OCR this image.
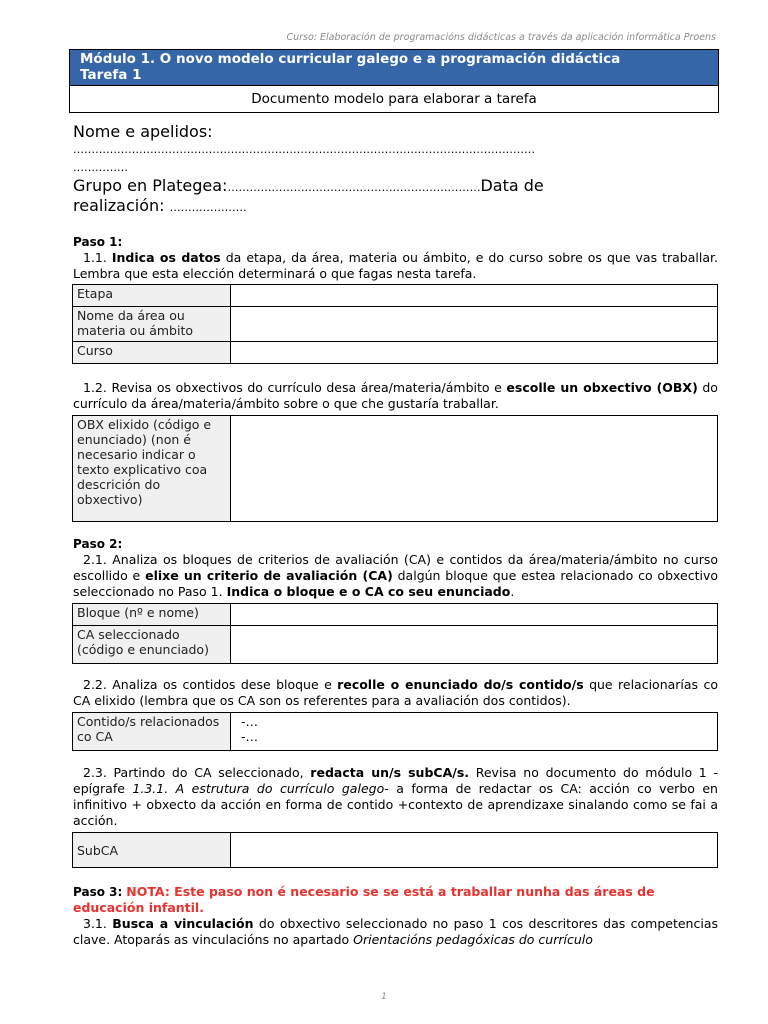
Curso: Elaboración de programacións didácticas a través da aplicación informática Proens
Módulo 1. O novo modelo curricular galego e a programación didáctica
Tarefa 1
Documento modelo para elaborar a tarefa
Nome e apelidos:
………………………………………………………………………………………………………………
……………
Grupo en Plategea:……………………………………………………………Data de
realización: …………………
Paso 1:
1.1. Indica os datos da etapa, da área, materia ou ámbito, e do curso sobre os que vas traballar. Lembra que esta elección determinará o que fagas nesta tarefa.
Etapa	
Nome da área ou materia ou ámbito	
Curso	
1.2. Revisa os obxectivos do currículo desa área/materia/ámbito e escolle un obxectivo (OBX) do currículo da área/materia/ámbito sobre o que che gustaría traballar.
OBX elixido (código e enunciado) (non é necesario indicar o texto explicativo coa descrición do obxectivo)	
Paso 2:
2.1. Analiza os bloques de criterios de avaliación (CA) e contidos da área/materia/ámbito no curso escollido e elixe un criterio de avaliación (CA) dalgún bloque que estea relacionado co obxectivo seleccionado no Paso 1. Indica o bloque e o CA co seu enunciado.
Bloque (nº e nome)	
CA seleccionado (código e enunciado)	
2.2. Analiza os contidos dese bloque e recolle o enunciado do/s contido/s que relacionarías co CA elixido (lembra que os CA son os referentes para a avaliación dos contidos).
Contido/s relacionados co CA	
-…
-…
2.3. Partindo do CA seleccionado, redacta un/s subCA/s. Revisa no documento do módulo 1 - epígrafe 1.3.1. A estrutura do currículo galego- a forma de redactar os CA: acción co verbo en infinitivo + obxecto da acción en forma de contido +contexto de aprendizaxe sinalando como se fai a acción.
SubCA	
Paso 3: NOTA: Este paso non é necesario se se está a traballar nunha das áreas de educación infantil.
3.1. Busca a vinculación do obxectivo seleccionado no paso 1 cos descritores das competencias clave. Atoparás as vinculacións no apartado Orientacións pedagóxicas do currículo
1
